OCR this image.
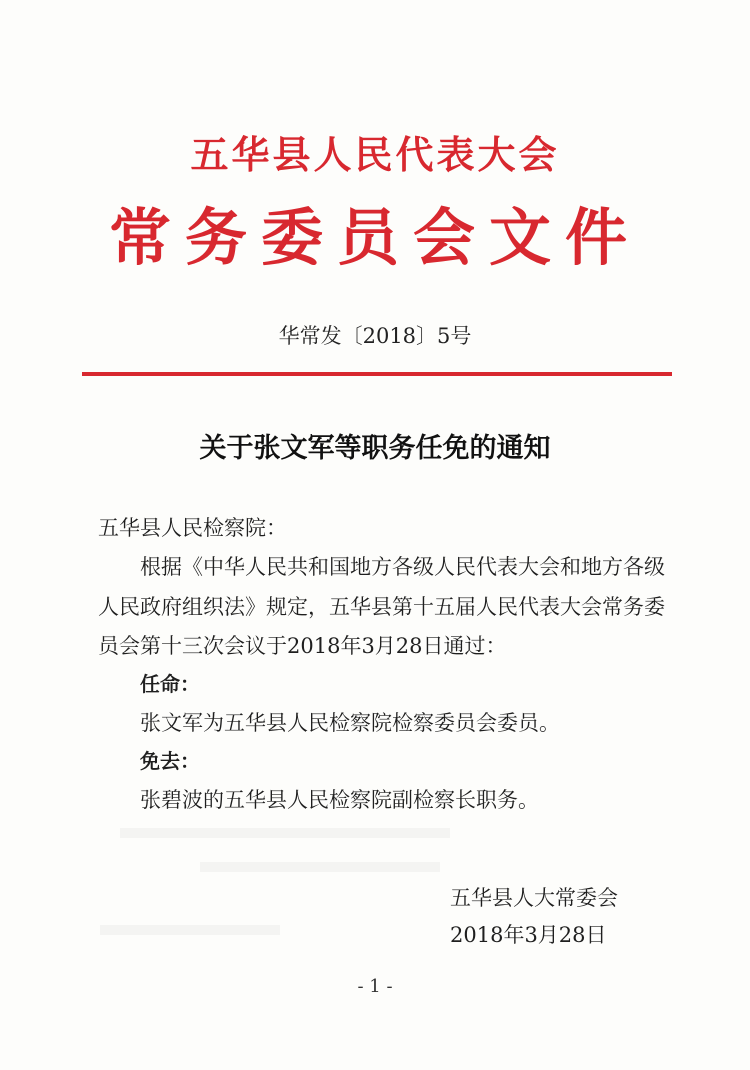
五华县人民代表大会
常务委员会文件
华常发〔2018〕5号
关于张文军等职务任免的通知
五华县人民检察院：
根据《中华人民共和国地方各级人民代表大会和地方各级
人民政府组织法》规定，五华县第十五届人民代表大会常务委
员会第十三次会议于2018年3月28日通过：
任命：
张文军为五华县人民检察院检察委员会委员。
免去：
张碧波的五华县人民检察院副检察长职务。
五华县人大常委会
2018年3月28日
- 1 -
